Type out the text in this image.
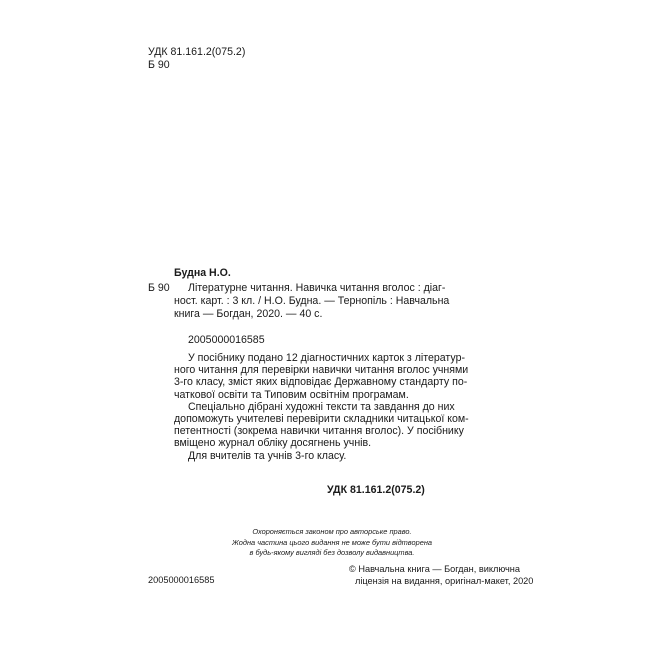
УДК 81.161.2(075.2)
Б 90
Будна Н.О.
Б 90 Літературне читання. Навичка читання вголос : діаг-
ност. карт. : 3 кл. / Н.О. Будна. — Тернопіль : Навчальна
книга — Богдан, 2020. — 40 с.
2005000016585
У посібнику подано 12 діагностичних карток з літератур-
ного читання для перевірки навички читання вголос учнями
3-го класу, зміст яких відповідає Державному стандарту по-
чаткової освіти та Типовим освітнім програмам.
Спеціально дібрані художні тексти та завдання до них
допоможуть учителеві перевірити складники читацької ком-
петентності (зокрема навички читання вголос). У посібнику
вміщено журнал обліку досягнень учнів.
Для вчителів та учнів 3-го класу.
УДК 81.161.2(075.2)
Охороняється законом про авторське право.
Жодна частина цього видання не може бути відтворена
в будь-якому вигляді без дозволу видавництва.
2005000016585
© Навчальна книга — Богдан, виключна
ліцензія на видання, оригінал-макет, 2020
